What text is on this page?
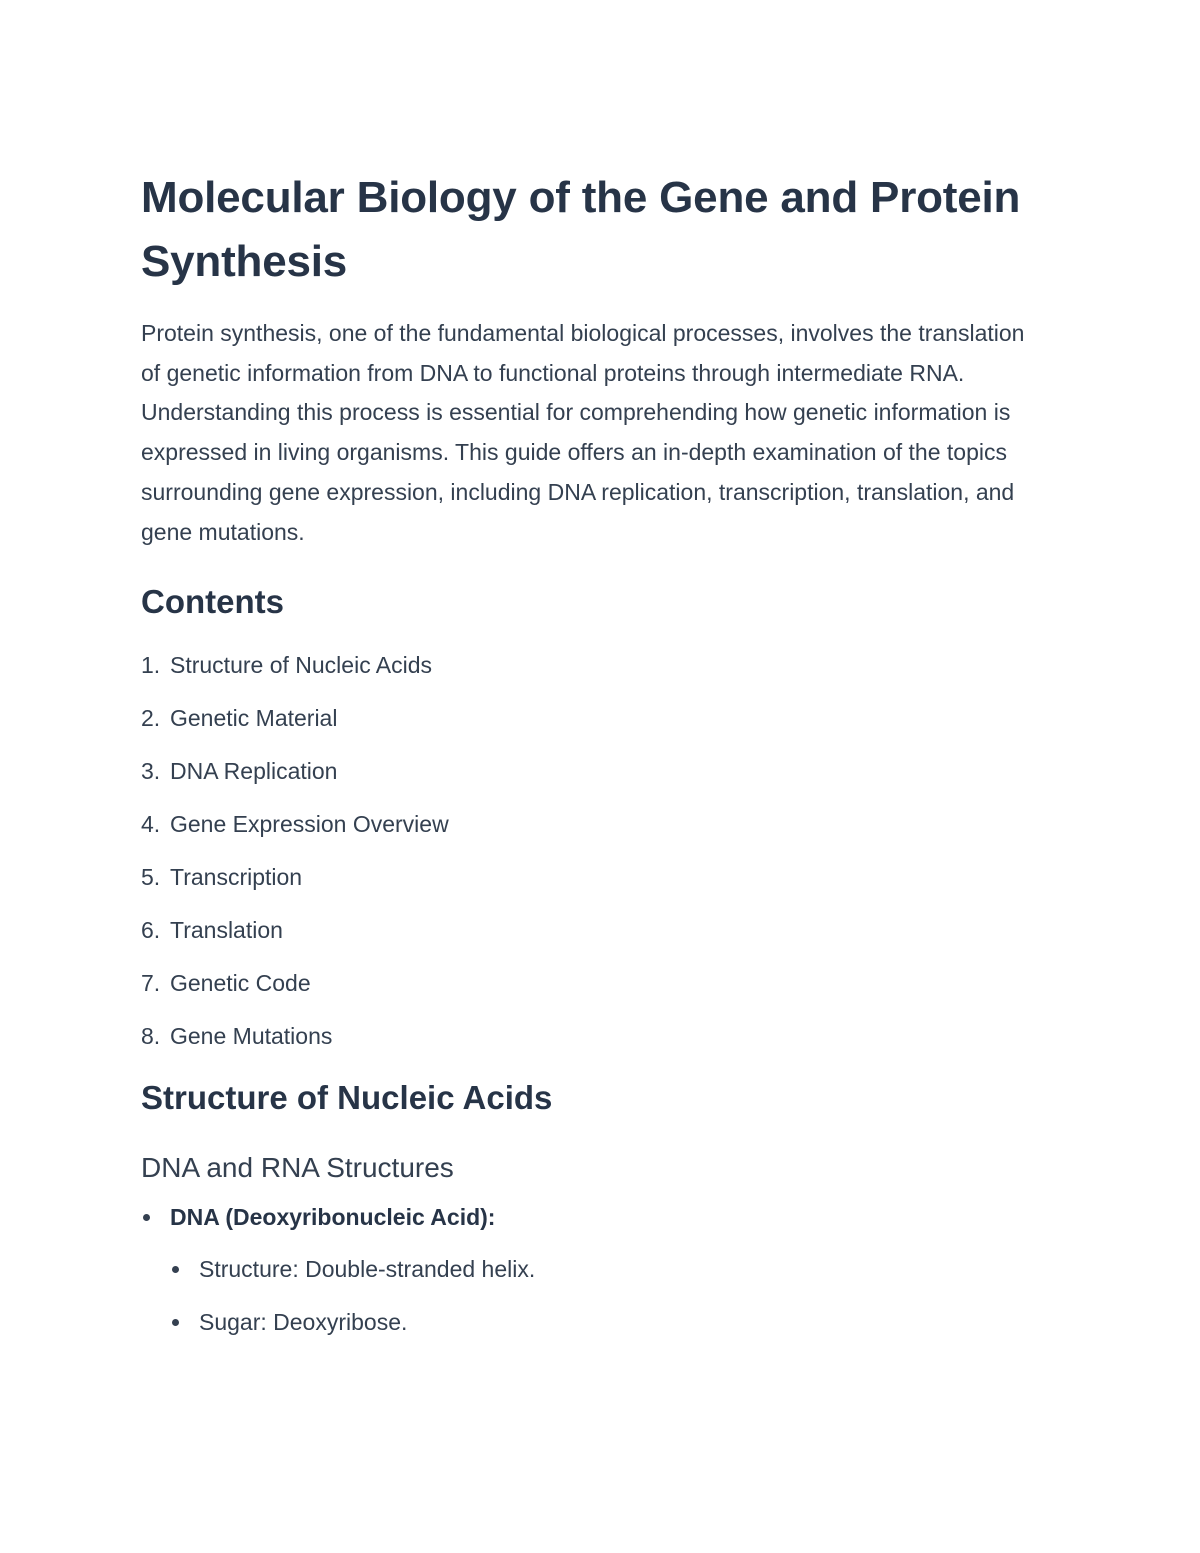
Molecular Biology of the Gene and Protein Synthesis

Protein synthesis, one of the fundamental biological processes, involves the translation of genetic information from DNA to functional proteins through intermediate RNA. Understanding this process is essential for comprehending how genetic information is expressed in living organisms. This guide offers an in-depth examination of the topics surrounding gene expression, including DNA replication, transcription, translation, and gene mutations.

Contents
1. Structure of Nucleic Acids
2. Genetic Material
3. DNA Replication
4. Gene Expression Overview
5. Transcription
6. Translation
7. Genetic Code
8. Gene Mutations
Structure of Nucleic Acids
DNA and RNA Structures
DNA (Deoxyribonucleic Acid):
Structure: Double-stranded helix.
Sugar: Deoxyribose.
